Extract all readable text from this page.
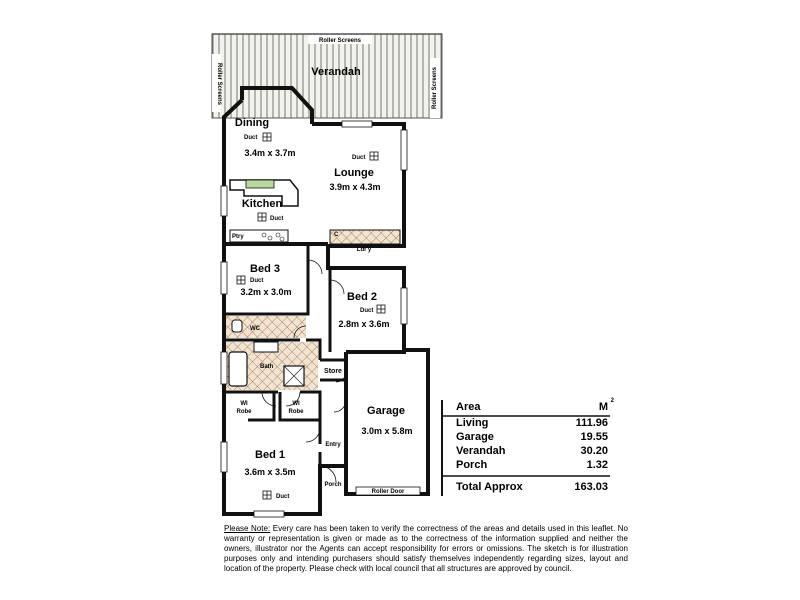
Verandah
Roller Screens
Roller Screens	Roller Screens
Dining
Duct
3.4m x 3.7m	Duct
Lounge
3.9m x 4.3m
Kitchen
Duct
Ptry	C
Ldr'y
Bed 3
Duct
3.2m x 3.0m	Bed 2
Duct
2.8m x 3.6m
WC
Bath
Store
Garage
3.0m x 5.8m
Roller Door
WI
Robe
WI
Robe
Bed 1
3.6m x 3.5m
Duct
Entry
Porch
Area	M 2
Living	111.96
Garage	19.55
Verandah	30.20
Porch	1.32
Total Approx	163.03
Please Note: Every care has been taken to verify the correctness of the areas and details used in this leaflet. No warranty or representation is given or made as to the correctness of the information supplied and neither the owners, illustrator nor the Agents can accept responsibility for errors or omissions. The sketch is for illustration purposes only and intending purchasers should satisfy themselves independently regarding sizes, layout and location of the property. Please check with local council that all structures are approved by council.
